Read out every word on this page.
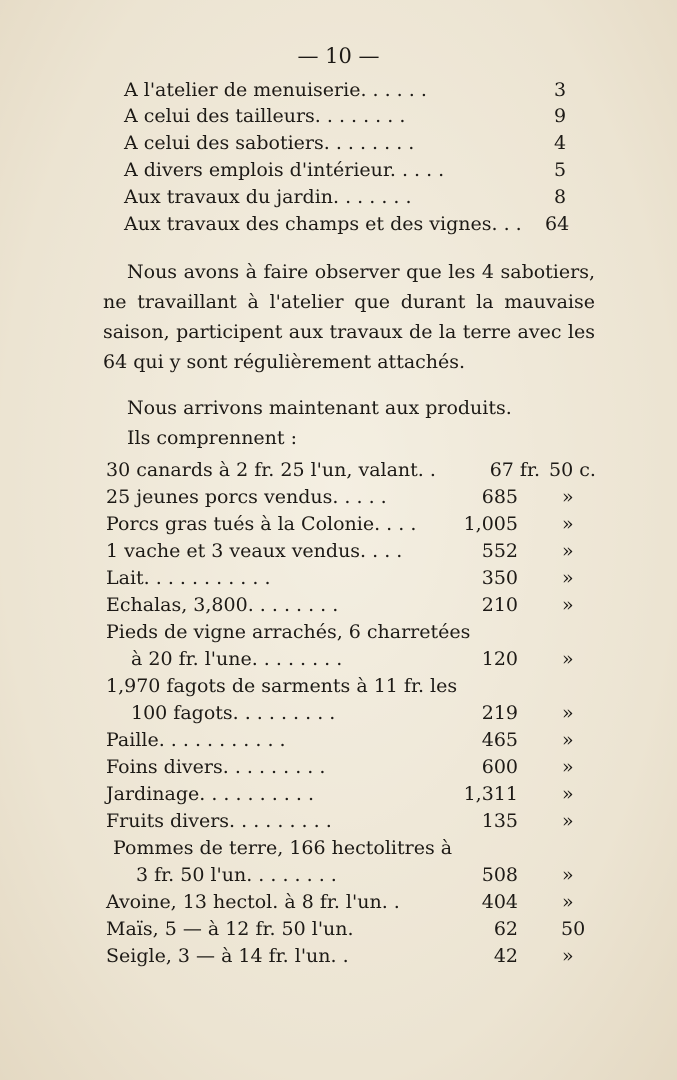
— 10 —
A l'atelier de menuiserie. . . . . .	3
A celui des tailleurs. . . . . . . .	9
A celui des sabotiers. . . . . . . .	4
A divers emplois d'intérieur. . . . .	5
Aux travaux du jardin. . . . . . .	8
Aux travaux des champs et des vignes. . . 64

Nous avons à faire observer que les 4 sabotiers, ne travaillant à l'atelier que durant la mauvaise saison, participent aux travaux de la terre avec les 64 qui y sont régulièrement attachés.

Nous arrivons maintenant aux produits.
Ils comprennent :
30 canards à 2 fr. 25 l'un, valant. .	67 fr. 50 c.
25 jeunes porcs vendus. . . . .	685 »
Porcs gras tués à la Colonie. . . .	1,005 »
1 vache et 3 veaux vendus. . . .	552 »
Lait. . . . . . . . . . .	350 »
Echalas, 3,800. . . . . . . .	210 »
Pieds de vigne arrachés, 6 charretées
à 20 fr. l'une. . . . . . . .	120 »
1,970 fagots de sarments à 11 fr. les
100 fagots. . . . . . . . .	219 »
Paille. . . . . . . . . . .	465 »
Foins divers. . . . . . . . .	600 »
Jardinage. . . . . . . . . .	1,311 »
Fruits divers. . . . . . . . .	135 »
Pommes de terre, 166 hectolitres à
3 fr. 50 l'un. . . . . . . .	508 »
Avoine, 13 hectol. à 8 fr. l'un. .	404 »
Maïs, 5 — à 12 fr. 50 l'un.	62 50
Seigle, 3 — à 14 fr. l'un. .	42 »
